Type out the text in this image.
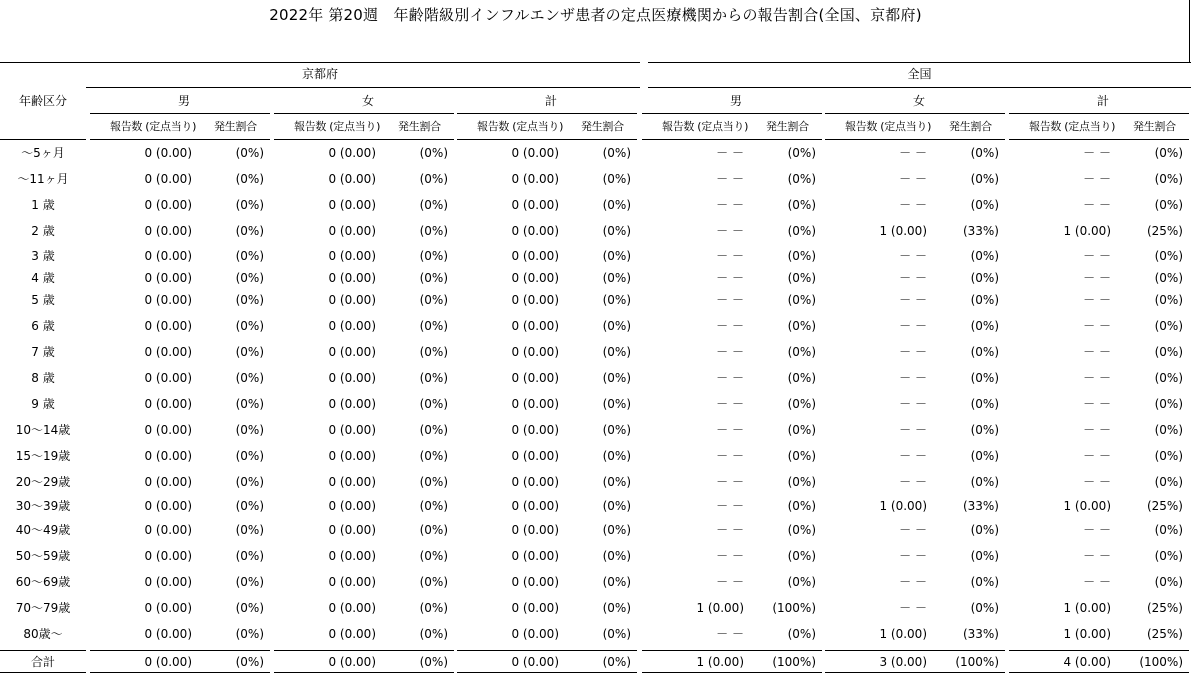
2022年 第20週　年齢階級別インフルエンザ患者の定点医療機関からの報告割合(全国、京都府)
年齢区分
京都府	全国
男
報告数 (定点当り)	発生割合
女
報告数 (定点当り)	発生割合
計
報告数 (定点当り)	発生割合
男
報告数 (定点当り)	発生割合
女
報告数 (定点当り)	発生割合
計
報告数 (定点当り)	発生割合
〜5ヶ月	0 (0.00)	(0%)	0 (0.00)	(0%)	0 (0.00)	(0%)	－ －	(0%)	－ －	(0%)	－ －	(0%)
〜11ヶ月	0 (0.00)	(0%)	0 (0.00)	(0%)	0 (0.00)	(0%)	－ －	(0%)	－ －	(0%)	－ －	(0%)
1 歳	0 (0.00)	(0%)	0 (0.00)	(0%)	0 (0.00)	(0%)	－ －	(0%)	－ －	(0%)	－ －	(0%)
2 歳	0 (0.00)	(0%)	0 (0.00)	(0%)	0 (0.00)	(0%)	－ －	(0%)	1 (0.00)	(33%)	1 (0.00)	(25%)
3 歳	0 (0.00)	(0%)	0 (0.00)	(0%)	0 (0.00)	(0%)	－ －	(0%)	－ －	(0%)	－ －	(0%)
4 歳	0 (0.00)	(0%)	0 (0.00)	(0%)	0 (0.00)	(0%)	－ －	(0%)	－ －	(0%)	－ －	(0%)
5 歳	0 (0.00)	(0%)	0 (0.00)	(0%)	0 (0.00)	(0%)	－ －	(0%)	－ －	(0%)	－ －	(0%)
6 歳	0 (0.00)	(0%)	0 (0.00)	(0%)	0 (0.00)	(0%)	－ －	(0%)	－ －	(0%)	－ －	(0%)
7 歳	0 (0.00)	(0%)	0 (0.00)	(0%)	0 (0.00)	(0%)	－ －	(0%)	－ －	(0%)	－ －	(0%)
8 歳	0 (0.00)	(0%)	0 (0.00)	(0%)	0 (0.00)	(0%)	－ －	(0%)	－ －	(0%)	－ －	(0%)
9 歳	0 (0.00)	(0%)	0 (0.00)	(0%)	0 (0.00)	(0%)	－ －	(0%)	－ －	(0%)	－ －	(0%)
10〜14歳	0 (0.00)	(0%)	0 (0.00)	(0%)	0 (0.00)	(0%)	－ －	(0%)	－ －	(0%)	－ －	(0%)
15〜19歳	0 (0.00)	(0%)	0 (0.00)	(0%)	0 (0.00)	(0%)	－ －	(0%)	－ －	(0%)	－ －	(0%)
20〜29歳	0 (0.00)	(0%)	0 (0.00)	(0%)	0 (0.00)	(0%)	－ －	(0%)	－ －	(0%)	－ －	(0%)
30〜39歳	0 (0.00)	(0%)	0 (0.00)	(0%)	0 (0.00)	(0%)	－ －	(0%)	1 (0.00)	(33%)	1 (0.00)	(25%)
40〜49歳	0 (0.00)	(0%)	0 (0.00)	(0%)	0 (0.00)	(0%)	－ －	(0%)	－ －	(0%)	－ －	(0%)
50〜59歳	0 (0.00)	(0%)	0 (0.00)	(0%)	0 (0.00)	(0%)	－ －	(0%)	－ －	(0%)	－ －	(0%)
60〜69歳	0 (0.00)	(0%)	0 (0.00)	(0%)	0 (0.00)	(0%)	－ －	(0%)	－ －	(0%)	－ －	(0%)
70〜79歳	0 (0.00)	(0%)	0 (0.00)	(0%)	0 (0.00)	(0%)	1 (0.00)	(100%)	－ －	(0%)	1 (0.00)	(25%)
80歳〜	0 (0.00)	(0%)	0 (0.00)	(0%)	0 (0.00)	(0%)	－ －	(0%)	1 (0.00)	(33%)	1 (0.00)	(25%)
合計	0 (0.00)	(0%)	0 (0.00)	(0%)	0 (0.00)	(0%)	1 (0.00)	(100%)	3 (0.00)	(100%)	4 (0.00)	(100%)
